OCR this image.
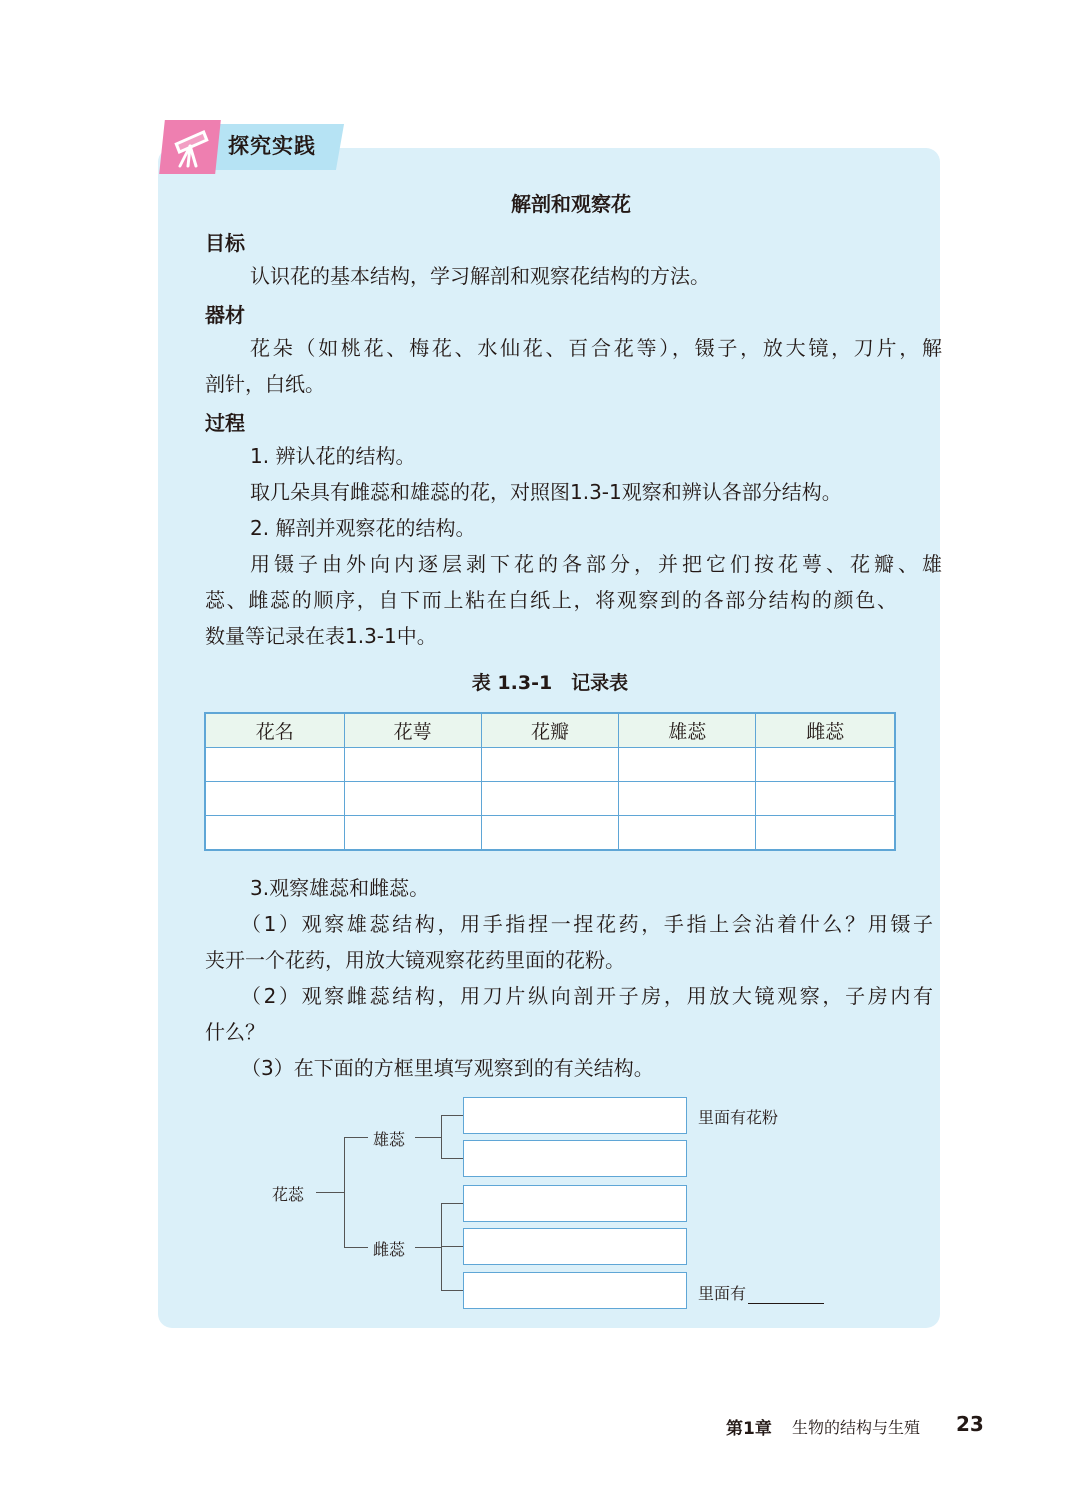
探究实践
解剖和观察花
目标
认识花的基本结构，学习解剖和观察花结构的方法。
器材
花朵（如桃花、梅花、水仙花、百合花等），镊子，放大镜，刀片，解
剖针，白纸。
过程
1. 辨认花的结构。
取几朵具有雌蕊和雄蕊的花，对照图1.3-1观察和辨认各部分结构。
2. 解剖并观察花的结构。
用镊子由外向内逐层剥下花的各部分，并把它们按花萼、花瓣、雄
蕊、雌蕊的顺序，自下而上粘在白纸上，将观察到的各部分结构的颜色、
数量等记录在表1.3-1中。
表 1.3-1　记录表
花名	花萼	花瓣	雄蕊	雌蕊

3.观察雄蕊和雌蕊。
（1）观察雄蕊结构，用手指捏一捏花药，手指上会沾着什么？用镊子
夹开一个花药，用放大镜观察花药里面的花粉。
（2）观察雌蕊结构，用刀片纵向剖开子房，用放大镜观察，子房内有
什么？
（3）在下面的方框里填写观察到的有关结构。
花蕊
雄蕊
雌蕊
里面有花粉
里面有
第1章 生物的结构与生殖 23
